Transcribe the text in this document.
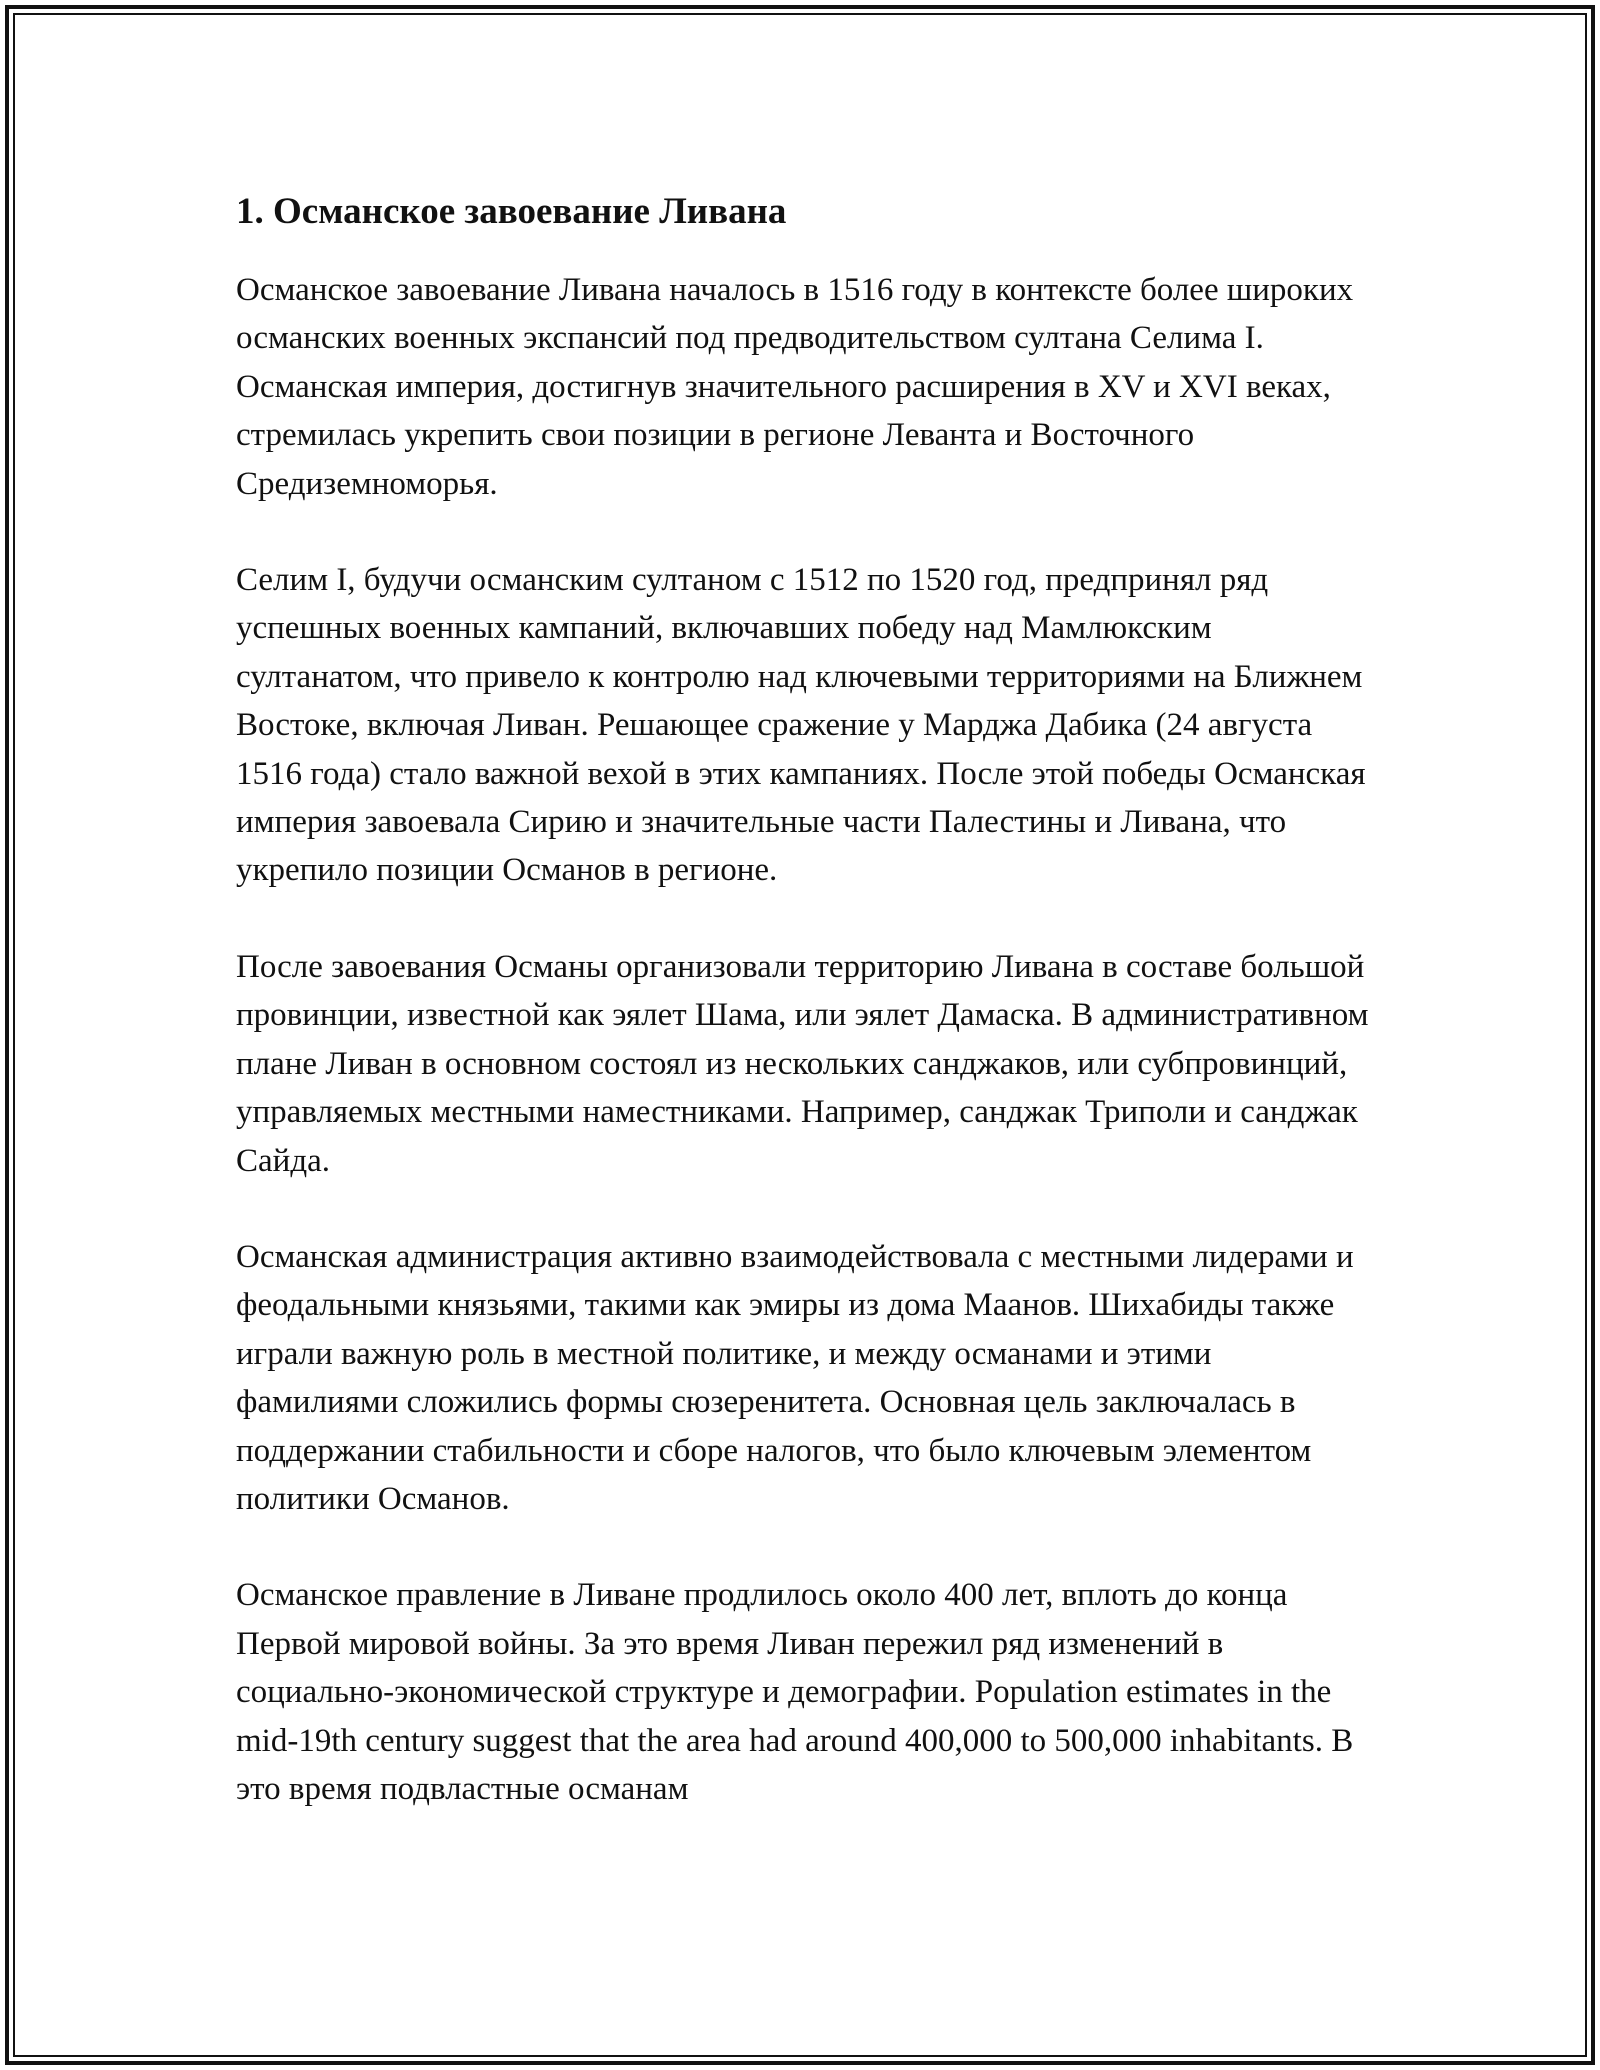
1. Османское завоевание Ливана

Османское завоевание Ливана началось в 1516 году в контексте более широких османских военных экспансий под предводительством султана Селима I. Османская империя, достигнув значительного расширения в XV и XVI веках, стремилась укрепить свои позиции в регионе Леванта и Восточного Средиземноморья.

Селим I, будучи османским султаном с 1512 по 1520 год, предпринял ряд успешных военных кампаний, включавших победу над Мамлюкским султанатом, что привело к контролю над ключевыми территориями на Ближнем Востоке, включая Ливан. Решающее сражение у Марджа Дабика (24 августа 1516 года) стало важной вехой в этих кампаниях. После этой победы Османская империя завоевала Сирию и значительные части Палестины и Ливана, что укрепило позиции Османов в регионе.

После завоевания Османы организовали территорию Ливана в составе большой провинции, известной как эялет Шама, или эялет Дамаска. В административном плане Ливан в основном состоял из нескольких санджаков, или субпровинций, управляемых местными наместниками. Например, санджак Триполи и санджак Сайда.

Османская администрация активно взаимодействовала с местными лидерами и феодальными князьями, такими как эмиры из дома Маанов. Шихабиды также играли важную роль в местной политике, и между османами и этими фамилиями сложились формы сюзеренитета. Основная цель заключалась в поддержании стабильности и сборе налогов, что было ключевым элементом политики Османов.

Османское правление в Ливане продлилось около 400 лет, вплоть до конца Первой мировой войны. За это время Ливан пережил ряд изменений в социально-экономической структуре и демографии. Population estimates in the mid-19th century suggest that the area had around 400,000 to 500,000 inhabitants. В это время подвластные османам
